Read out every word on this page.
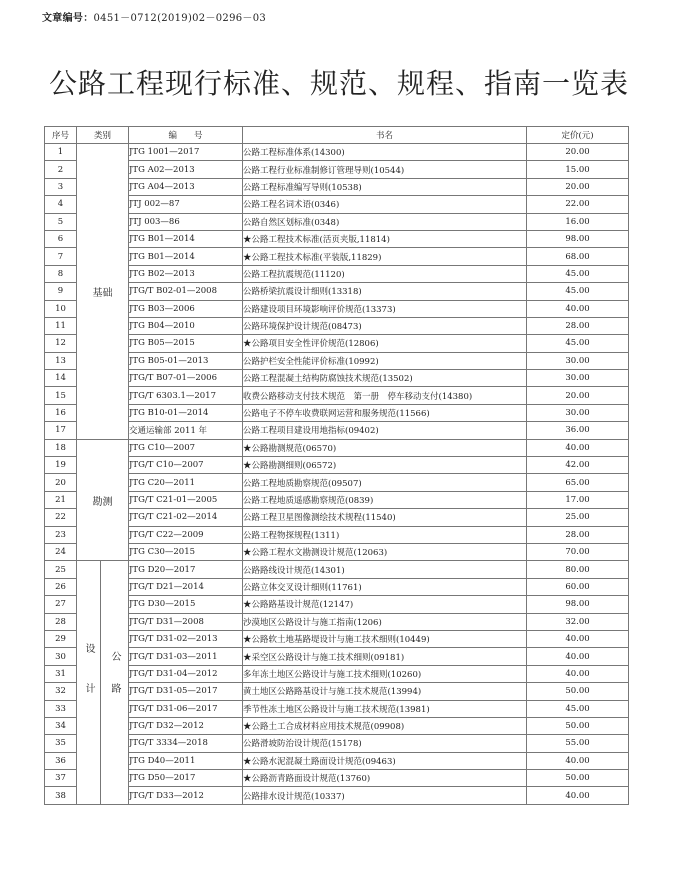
文章编号：0451－0712(2019)02－0296－03
公路工程现行标准、规范、规程、指南一览表
序号	类别		编　　号	书名	定价(元)
1	基础		JTG 1001—2017	公路工程标准体系(14300)	20.00
2			JTG A02—2013	公路工程行业标准制修订管理导则(10544)	15.00
3			JTG A04—2013	公路工程标准编写导则(10538)	20.00
4			JTJ 002—87	公路工程名词术语(0346)	22.00
5			JTJ 003—86	公路自然区划标准(0348)	16.00
6			JTG B01—2014	★公路工程技术标准(活页夹版,11814)	98.00
7			JTG B01—2014	★公路工程技术标准(平装版,11829)	68.00
8			JTG B02—2013	公路工程抗震规范(11120)	45.00
9			JTG/T B02-01—2008	公路桥梁抗震设计细则(13318)	45.00
10			JTG B03—2006	公路建设项目环境影响评价规范(13373)	40.00
11			JTG B04—2010	公路环境保护设计规范(08473)	28.00
12			JTG B05—2015	★公路项目安全性评价规范(12806)	45.00
13			JTG B05-01—2013	公路护栏安全性能评价标准(10992)	30.00
14			JTG/T B07-01—2006	公路工程混凝土结构防腐蚀技术规范(13502)	30.00
15			JTG/T 6303.1—2017	收费公路移动支付技术规范　第一册　停车移动支付(14380)	20.00
16			JTG B10-01—2014	公路电子不停车收费联网运营和服务规范(11566)	30.00
17			交通运输部 2011 年	公路工程项目建设用地指标(09402)	36.00
18	勘测		JTG C10—2007	★公路勘测规范(06570)	40.00
19			JTG/T C10—2007	★公路勘测细则(06572)	42.00
20			JTG C20—2011	公路工程地质勘察规范(09507)	65.00
21			JTG/T C21-01—2005	公路工程地质遥感勘察规范(0839)	17.00
22			JTG/T C21-02—2014	公路工程卫星图像测绘技术规程(11540)	25.00
23			JTG/T C22—2009	公路工程物探规程(1311)	28.00
24			JTG C30—2015	★公路工程水文勘测设计规范(12063)	70.00
25	设计	公路	JTG D20—2017	公路路线设计规范(14301)	80.00
26			JTG/T D21—2014	公路立体交叉设计细则(11761)	60.00
27			JTG D30—2015	★公路路基设计规范(12147)	98.00
28			JTG/T D31—2008	沙漠地区公路设计与施工指南(1206)	32.00
29			JTG/T D31-02—2013	★公路软土地基路堤设计与施工技术细则(10449)	40.00
30			JTG/T D31-03—2011	★采空区公路设计与施工技术细则(09181)	40.00
31			JTG/T D31-04—2012	多年冻土地区公路设计与施工技术细则(10260)	40.00
32			JTG/T D31-05—2017	黄土地区公路路基设计与施工技术规范(13994)	50.00
33			JTG/T D31-06—2017	季节性冻土地区公路设计与施工技术规范(13981)	45.00
34			JTG/T D32—2012	★公路土工合成材料应用技术规范(09908)	50.00
35			JTG/T 3334—2018	公路滑坡防治设计规范(15178)	55.00
36			JTG D40—2011	★公路水泥混凝土路面设计规范(09463)	40.00
37			JTG D50—2017	★公路沥青路面设计规范(13760)	50.00
38			JTG/T D33—2012	公路排水设计规范(10337)	40.00
